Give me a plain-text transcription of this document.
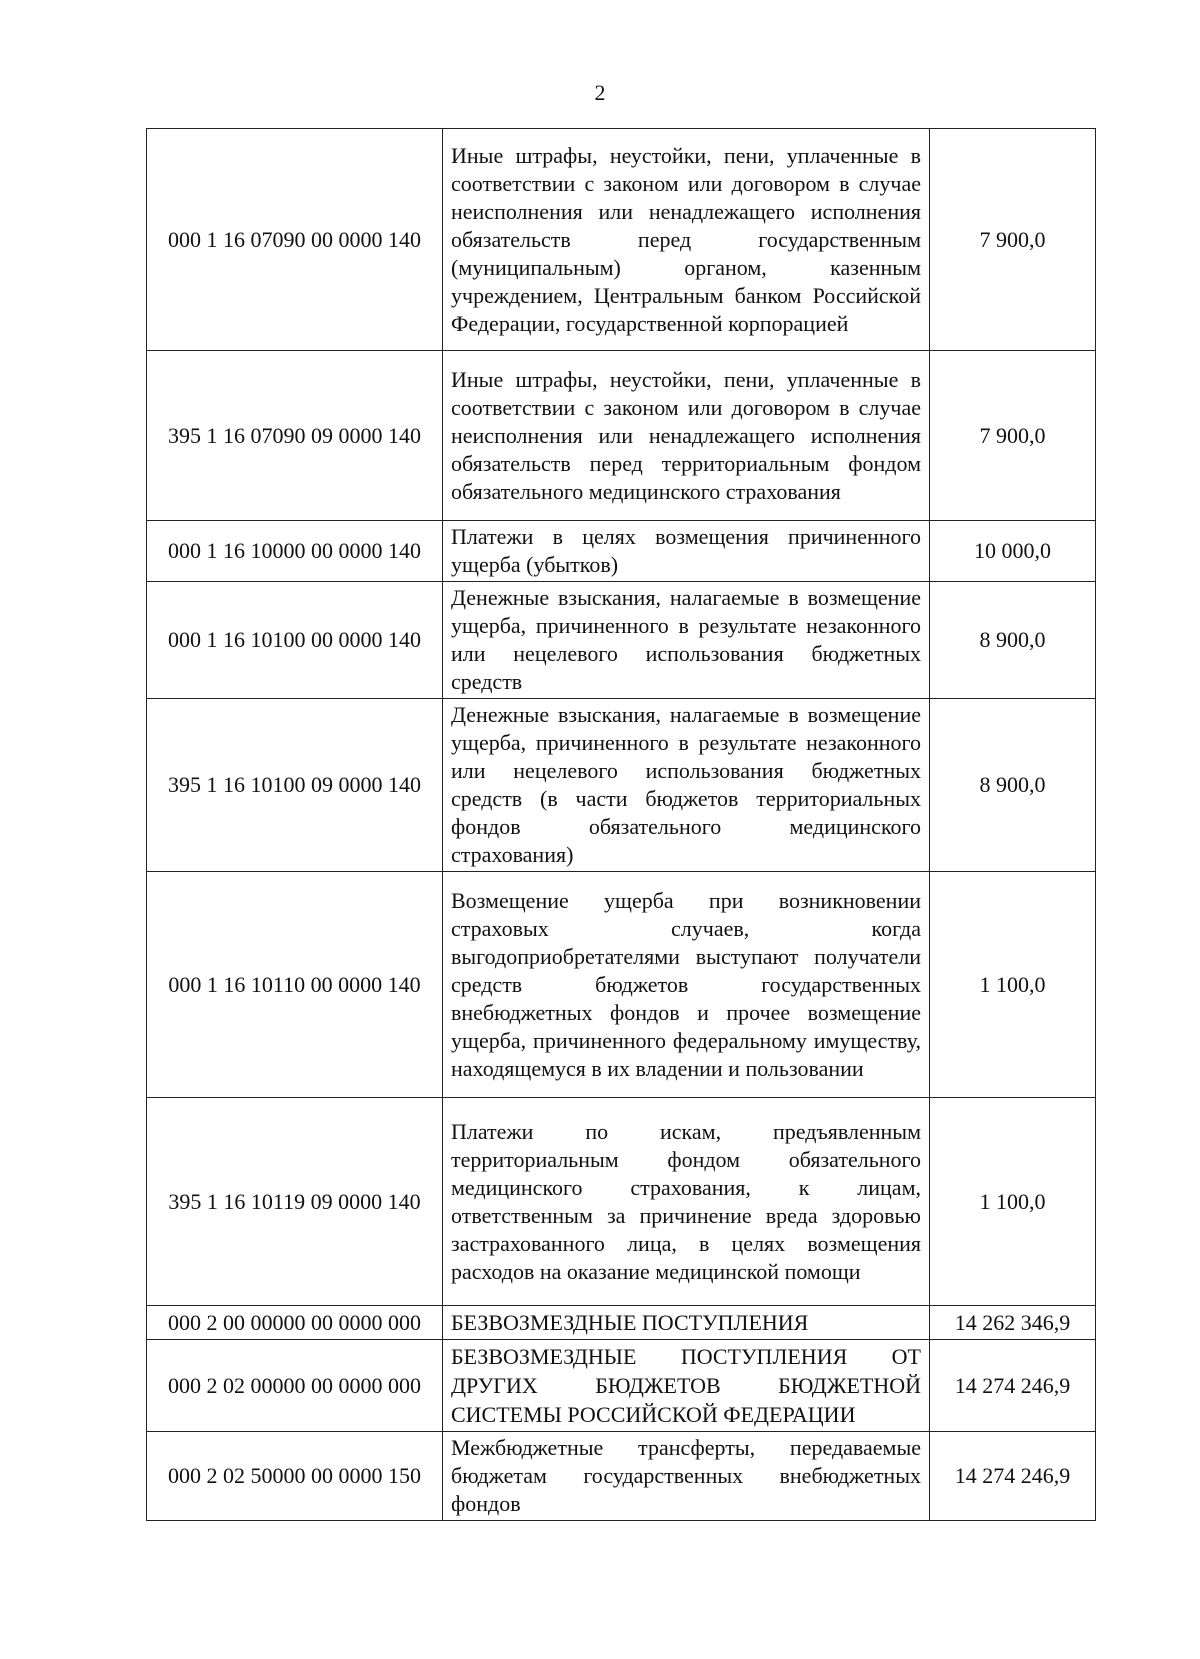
2
000 1 16 07090 00 0000 140	Иные штрафы, неустойки, пени, уплаченные в соответствии с законом или договором в случае неисполнения или ненадлежащего исполнения обязательств перед государственным (муниципальным) органом, казенным учреждением, Центральным банком Российской Федерации, государственной корпорацией	7 900,0
395 1 16 07090 09 0000 140	Иные штрафы, неустойки, пени, уплаченные в соответствии с законом или договором в случае неисполнения или ненадлежащего исполнения обязательств перед территориальным фондом обязательного медицинского страхования	7 900,0
000 1 16 10000 00 0000 140	Платежи в целях возмещения причиненного ущерба (убытков)	10 000,0
000 1 16 10100 00 0000 140	Денежные взыскания, налагаемые в возмещение ущерба, причиненного в результате незаконного или нецелевого использования бюджетных средств	8 900,0
395 1 16 10100 09 0000 140	Денежные взыскания, налагаемые в возмещение ущерба, причиненного в результате незаконного или нецелевого использования бюджетных средств (в части бюджетов территориальных фондов обязательного медицинского страхования)	8 900,0
000 1 16 10110 00 0000 140	Возмещение ущерба при возникновении страховых случаев, когда выгодоприобретателями выступают получатели средств бюджетов государственных внебюджетных фондов и прочее возмещение ущерба, причиненного федеральному имуществу, находящемуся в их владении и пользовании	1 100,0
395 1 16 10119 09 0000 140	Платежи по искам, предъявленным территориальным фондом обязательного медицинского страхования, к лицам, ответственным за причинение вреда здоровью застрахованного лица, в целях возмещения расходов на оказание медицинской помощи	1 100,0
000 2 00 00000 00 0000 000	БЕЗВОЗМЕЗДНЫЕ ПОСТУПЛЕНИЯ	14 262 346,9
000 2 02 00000 00 0000 000	БЕЗВОЗМЕЗДНЫЕ ПОСТУПЛЕНИЯ ОТ ДРУГИХ БЮДЖЕТОВ БЮДЖЕТНОЙ СИСТЕМЫ РОССИЙСКОЙ ФЕДЕРАЦИИ	14 274 246,9
000 2 02 50000 00 0000 150	Межбюджетные трансферты, передаваемые бюджетам государственных внебюджетных фондов	14 274 246,9
